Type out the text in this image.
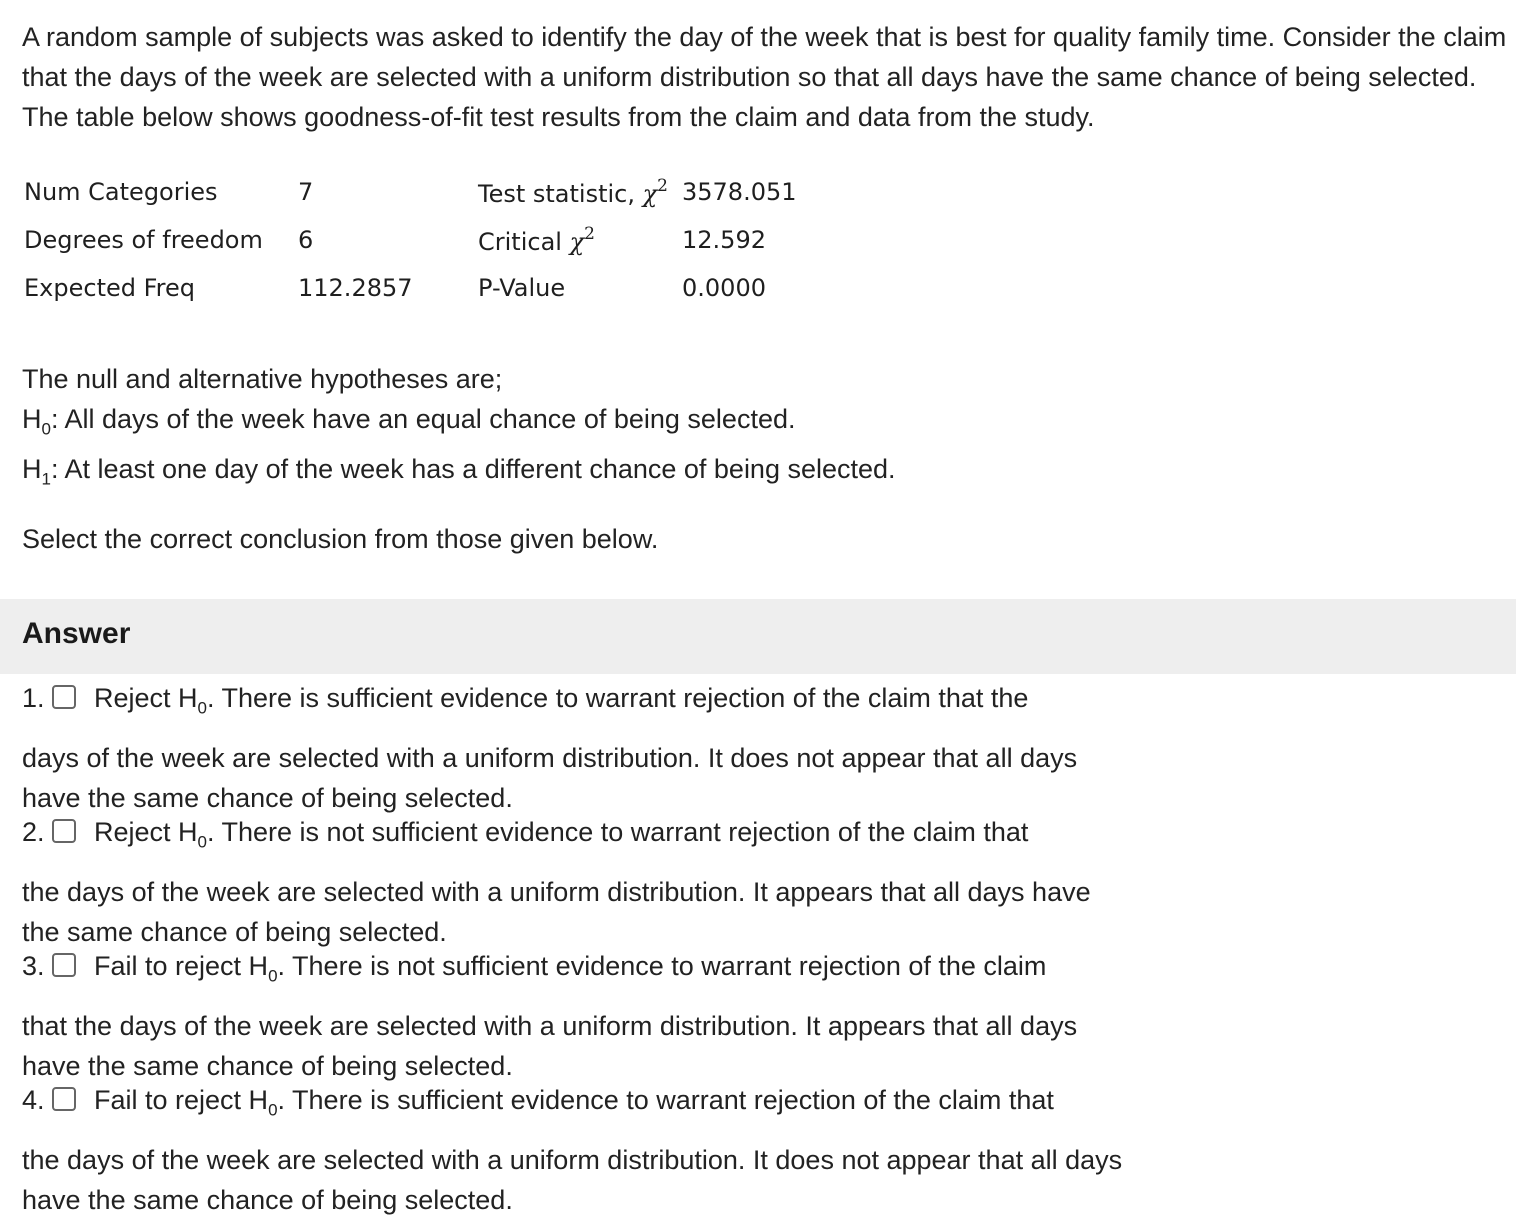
A random sample of subjects was asked to identify the day of the week that is best for quality family time. Consider the claim that the days of the week are selected with a uniform distribution so that all days have the same chance of being selected. The table below shows goodness-of-fit test results from the claim and data from the study.

Num Categories	7	Test statistic, $\chi^2$ 3578.051
Degrees of freedom 6	Critical $\chi^2$	12.592
Expected Freq	112.2857	P-Value	0.0000
The null and alternative hypotheses are;
$H_0$: All days of the week have an equal chance of being selected.
$H_1$: At least one day of the week has a different chance of being selected.
Select the correct conclusion from those given below.
Answer
1. Reject $H_0$. There is sufficient evidence to warrant rejection of the claim that the
days of the week are selected with a uniform distribution. It does not appear that all days have the same chance of being selected.
2. Reject $H_0$. There is not sufficient evidence to warrant rejection of the claim that
the days of the week are selected with a uniform distribution. It appears that all days have the same chance of being selected.
3. Fail to reject $H_0$. There is not sufficient evidence to warrant rejection of the claim
that the days of the week are selected with a uniform distribution. It appears that all days have the same chance of being selected.
4. Fail to reject $H_0$. There is sufficient evidence to warrant rejection of the claim that
the days of the week are selected with a uniform distribution. It does not appear that all days have the same chance of being selected.
